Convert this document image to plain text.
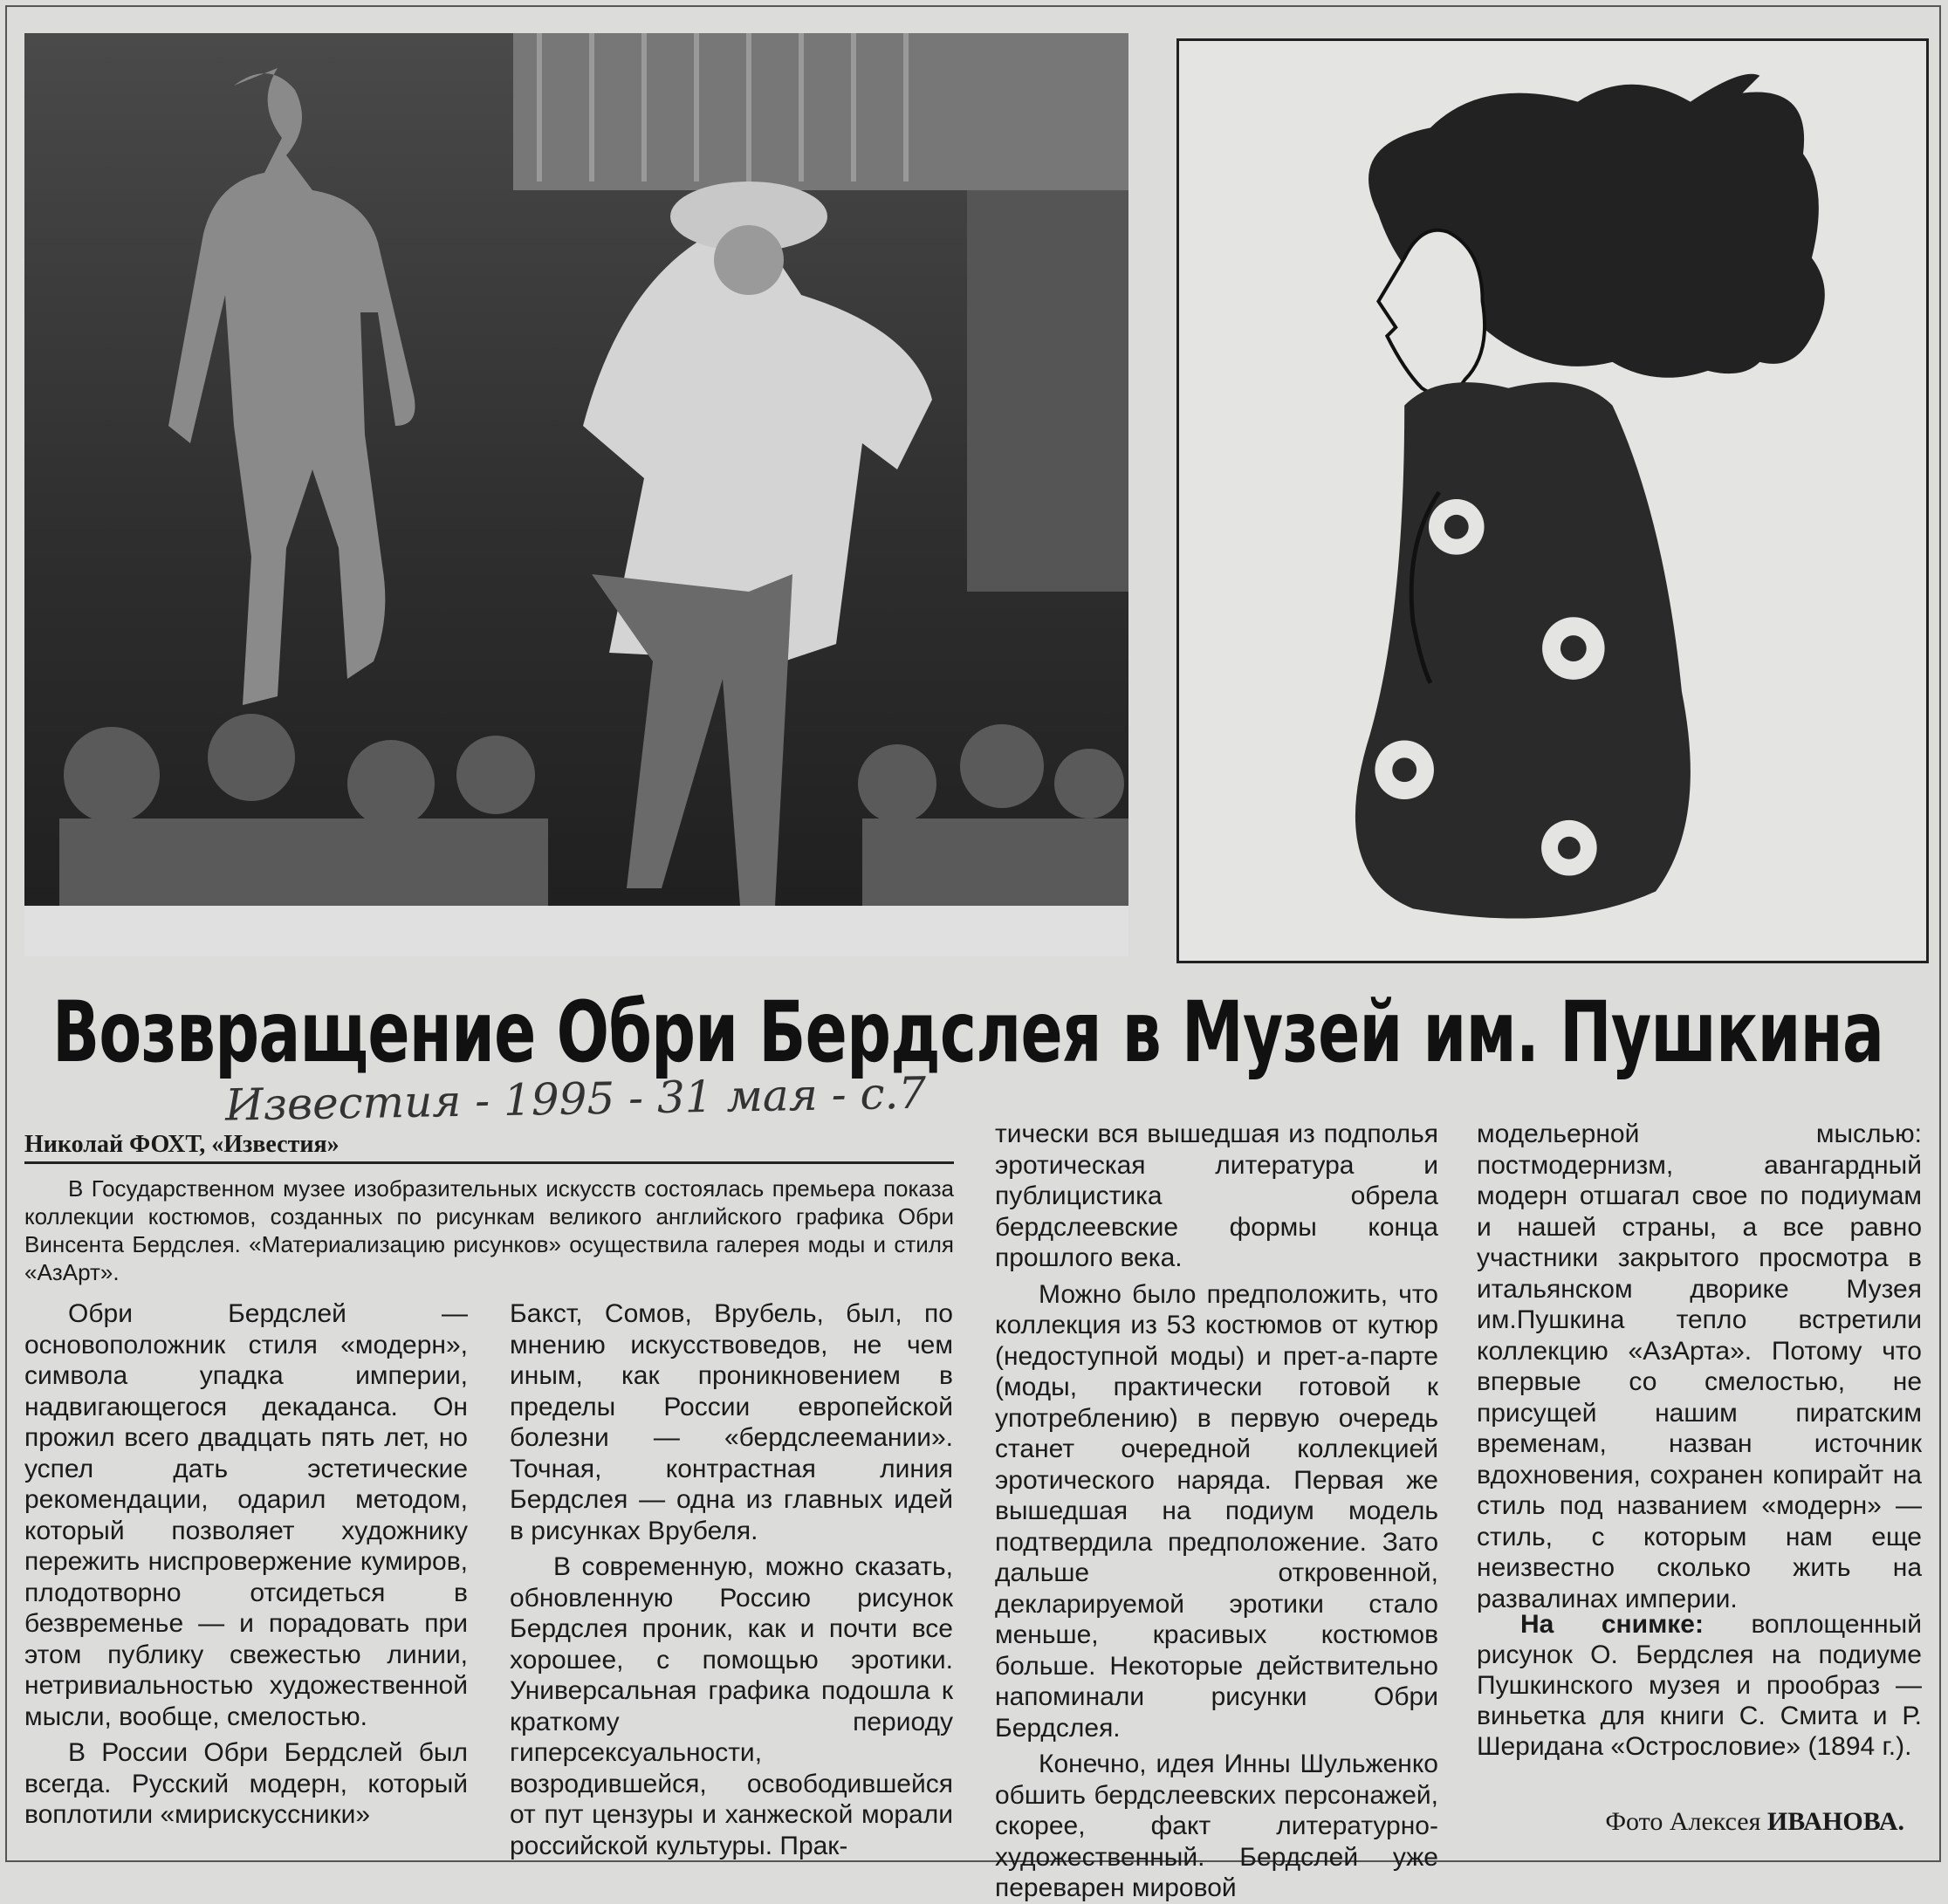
Возвращение Обри Бердслея в Музей им. Пушкина
Известия - 1995 - 31 мая - с.7
Николай ФОХТ, «Известия»
В Государственном музее изобразительных искусств состоялась премьера показа коллекции костюмов, созданных по рисункам великого английского графика Обри Винсента Бердслея. «Материализацию рисунков» осуществила галерея моды и стиля «АзАрт».

Обри Бердслей — основоположник стиля «модерн», символа упадка империи, надвигающегося декаданса. Он прожил всего двадцать пять лет, но успел дать эстетические рекомендации, одарил методом, который позволяет художнику пережить ниспровержение кумиров, плодотворно отсидеться в безвременье — и порадовать при этом публику свежестью линии, нетривиальностью художественной мысли, вообще, смелостью.

В России Обри Бердслей был всегда. Русский модерн, который воплотили «мирискуссники»

Бакст, Сомов, Врубель, был, по мнению искусствоведов, не чем иным, как проникновением в пределы России европейской болезни — «бердслеемании». Точная, контрастная линия Бердслея — одна из главных идей в рисунках Врубеля.

В современную, можно сказать, обновленную Россию рисунок Бердслея проник, как и почти все хорошее, с помощью эротики. Универсальная графика подошла к краткому периоду гиперсексуальности, возродившейся, освободившейся от пут цензуры и ханжеской морали российской культуры. Прак-

тически вся вышедшая из подполья эротическая литература и публицистика обрела бердслеевские формы конца прошлого века.

Можно было предположить, что коллекция из 53 костюмов от кутюр (недоступной моды) и прет-а-парте (моды, практически готовой к употреблению) в первую очередь станет очередной коллекцией эротического наряда. Первая же вышедшая на подиум модель подтвердила предположение. Зато дальше откровенной, декларируемой эротики стало меньше, красивых костюмов больше. Некоторые действительно напоминали рисунки Обри Бердслея.

Конечно, идея Инны Шульженко обшить бердслеевских персонажей, скорее, факт литературно-художественный. Бердслей уже переварен мировой

модельерной мыслью: постмодернизм, авангардный модерн отшагал свое по подиумам и нашей страны, а все равно участники закрытого просмотра в итальянском дворике Музея им.Пушкина тепло встретили коллекцию «АзАрта». Потому что впервые со смелостью, не присущей нашим пиратским временам, назван источник вдохновения, сохранен копирайт на стиль под названием «модерн» — стиль, с которым нам еще неизвестно сколько жить на развалинах империи.

На снимке: воплощенный рисунок О. Бердслея на подиуме Пушкинского музея и прообраз — виньетка для книги С. Смита и Р. Шеридана «Острословие» (1894 г.).
Фото Алексея ИВАНОВА.
